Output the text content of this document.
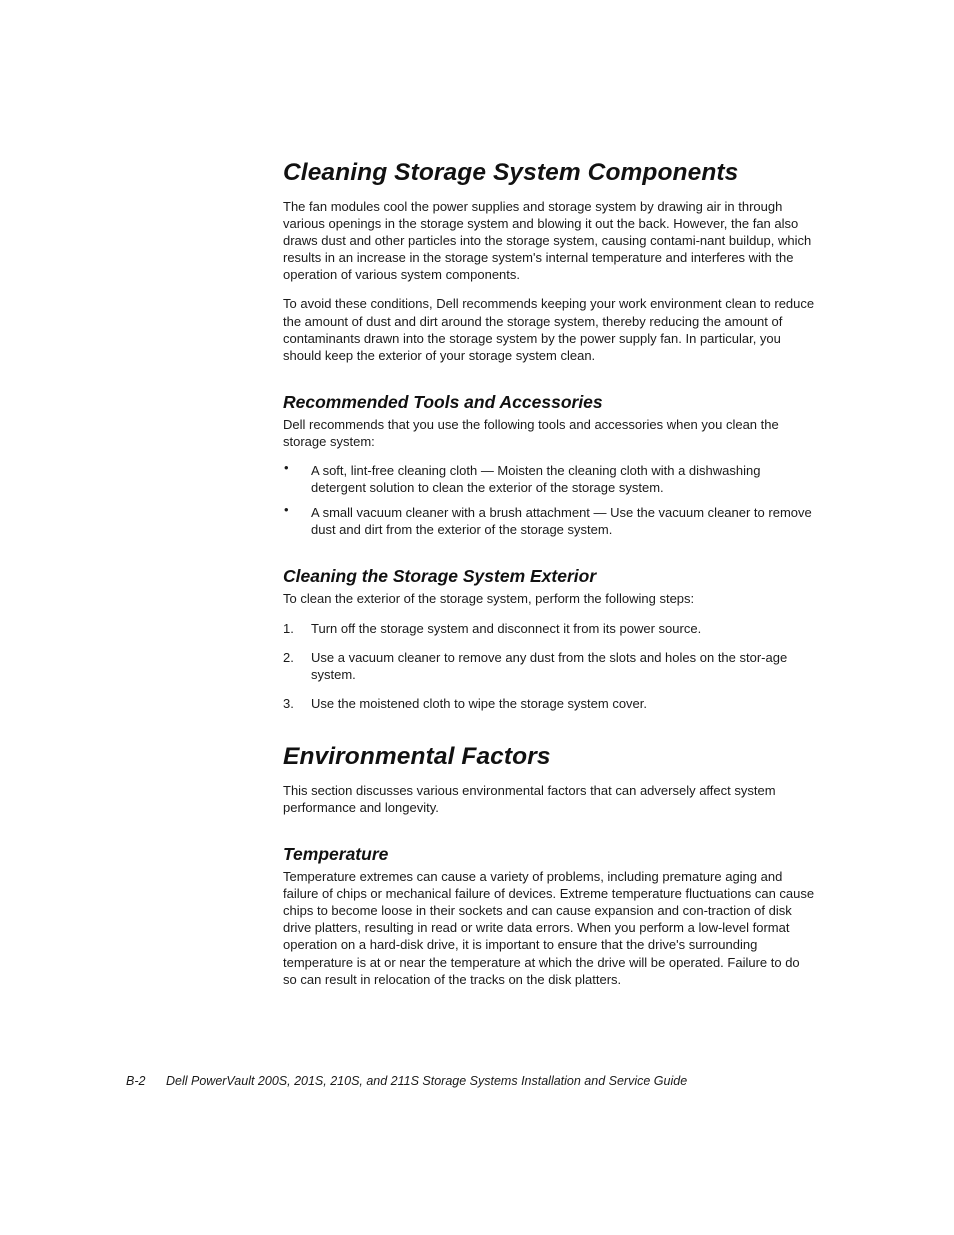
Cleaning Storage System Components

The fan modules cool the power supplies and storage system by drawing air in through various openings in the storage system and blowing it out the back. However, the fan also draws dust and other particles into the storage system, causing contami-nant buildup, which results in an increase in the storage system's internal temperature and interferes with the operation of various system components.

To avoid these conditions, Dell recommends keeping your work environment clean to reduce the amount of dust and dirt around the storage system, thereby reducing the amount of contaminants drawn into the storage system by the power supply fan. In particular, you should keep the exterior of your storage system clean.

Recommended Tools and Accessories

Dell recommends that you use the following tools and accessories when you clean the storage system:

•	A soft, lint-free cleaning cloth — Moisten the cleaning cloth with a dishwashing detergent solution to clean the exterior of the storage system.
•	A small vacuum cleaner with a brush attachment — Use the vacuum cleaner to remove dust and dirt from the exterior of the storage system.
Cleaning the Storage System Exterior

To clean the exterior of the storage system, perform the following steps:

1.	Turn off the storage system and disconnect it from its power source.
2.	Use a vacuum cleaner to remove any dust from the slots and holes on the stor-age system.
3.	Use the moistened cloth to wipe the storage system cover.
Environmental Factors

This section discusses various environmental factors that can adversely affect system performance and longevity.

Temperature

Temperature extremes can cause a variety of problems, including premature aging and failure of chips or mechanical failure of devices. Extreme temperature fluctuations can cause chips to become loose in their sockets and can cause expansion and con-traction of disk drive platters, resulting in read or write data errors. When you perform a low-level format operation on a hard-disk drive, it is important to ensure that the drive's surrounding temperature is at or near the temperature at which the drive will be operated. Failure to do so can result in relocation of the tracks on the disk platters.

B-2 Dell PowerVault 200S, 201S, 210S, and 211S Storage Systems Installation and Service Guide
